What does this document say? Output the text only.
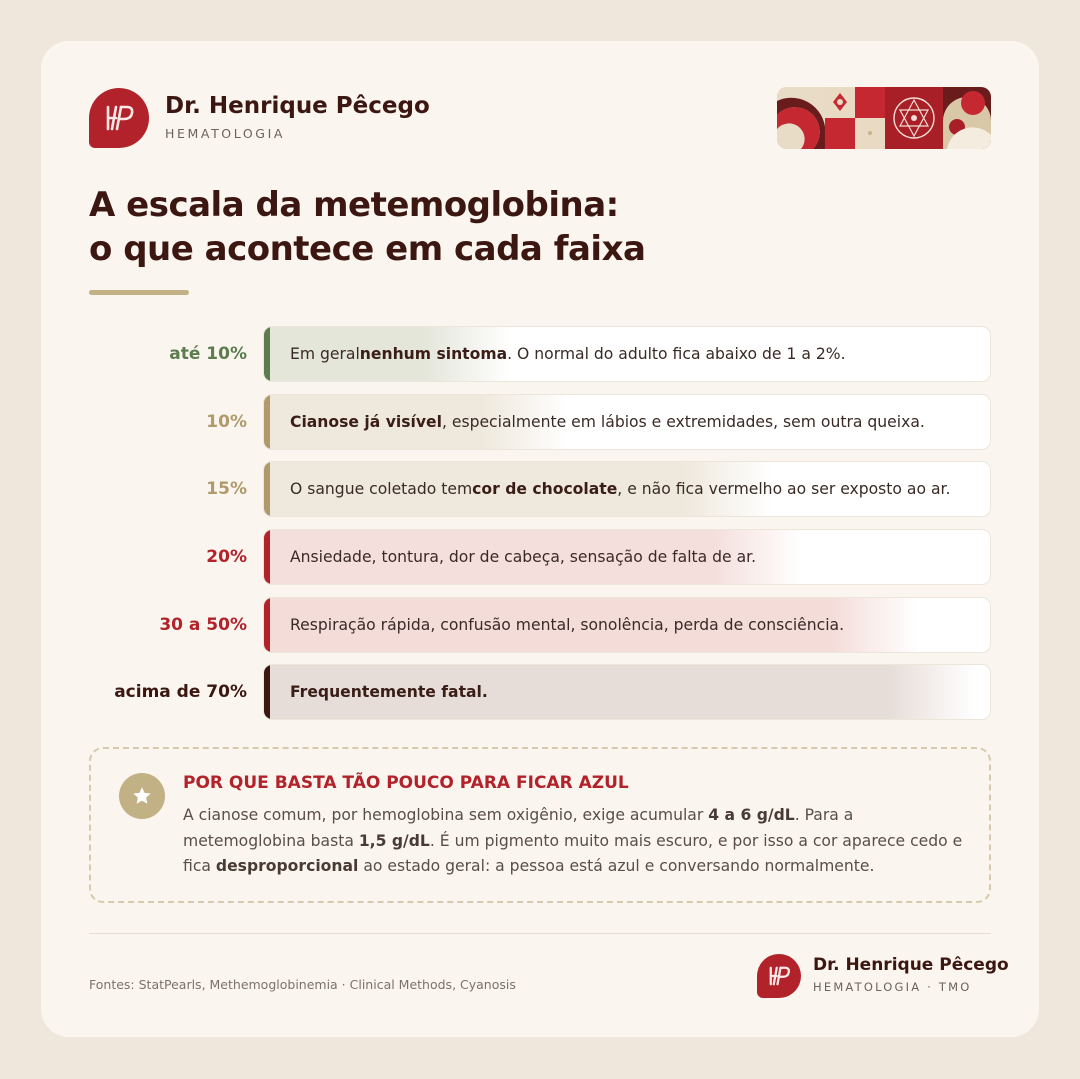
Dr. Henrique Pêcego
HEMATOLOGIA
A escala da metemoglobina:
o que acontece em cada faixa
até 10%	Em geral nenhum sintoma . O normal do adulto fica abaixo de 1 a 2%.
10%	Cianose já visível , especialmente em lábios e extremidades, sem outra queixa.
15%	O sangue coletado tem cor de chocolate , e não fica vermelho ao ser exposto ao ar.
20%	Ansiedade, tontura, dor de cabeça, sensação de falta de ar.
30 a 50%	Respiração rápida, confusão mental, sonolência, perda de consciência.
acima de 70%	Frequentemente fatal.
POR QUE BASTA TÃO POUCO PARA FICAR AZUL
A cianose comum, por hemoglobina sem oxigênio, exige acumular 4 a 6 g/dL. Para a metemoglobina basta 1,5 g/dL. É um pigmento muito mais escuro, e por isso a cor aparece cedo e fica desproporcional ao estado geral: a pessoa está azul e conversando normalmente.
Fontes: StatPearls, Methemoglobinemia · Clinical Methods, Cyanosis
Dr. Henrique Pêcego
HEMATOLOGIA · TMO
